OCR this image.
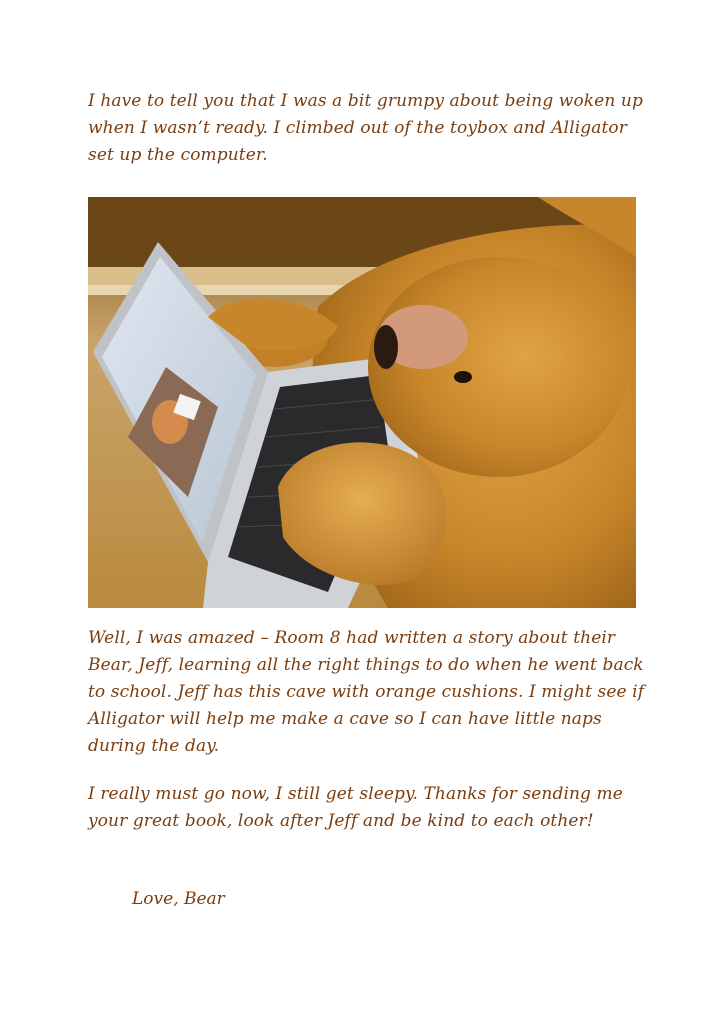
I have to tell you that I was a bit grumpy about being woken up when I wasn’t ready. I climbed out of the toybox and Alligator set up the computer.

Well, I was amazed – Room 8 had written a story about their Bear, Jeff, learning all the right things to do when he went back to school. Jeff has this cave with orange cushions. I might see if Alligator will help me make a cave so I can have little naps during the day.

I really must go now, I still get sleepy. Thanks for sending me your great book, look after Jeff and be kind to each other!

Love, Bear
